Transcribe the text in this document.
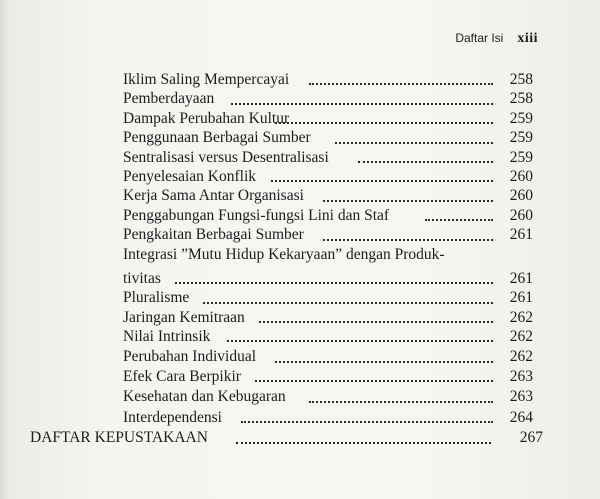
Daftar Isi xiii
Iklim Saling Mempercayai	258
Pemberdayaan	258
Dampak Perubahan Kultur	259
Penggunaan Berbagai Sumber	259
Sentralisasi versus Desentralisasi	259
Penyelesaian Konflik	260
Kerja Sama Antar Organisasi	260
Penggabungan Fungsi-fungsi Lini dan Staf	260
Pengkaitan Berbagai Sumber	261
Integrasi ”Mutu Hidup Kekaryaan” dengan Produk-
tivitas	261
Pluralisme	261
Jaringan Kemitraan	262
Nilai Intrinsik	262
Perubahan Individual	262
Efek Cara Berpikir	263
Kesehatan dan Kebugaran	263
Interdependensi	264
DAFTAR KEPUSTAKAAN	267
